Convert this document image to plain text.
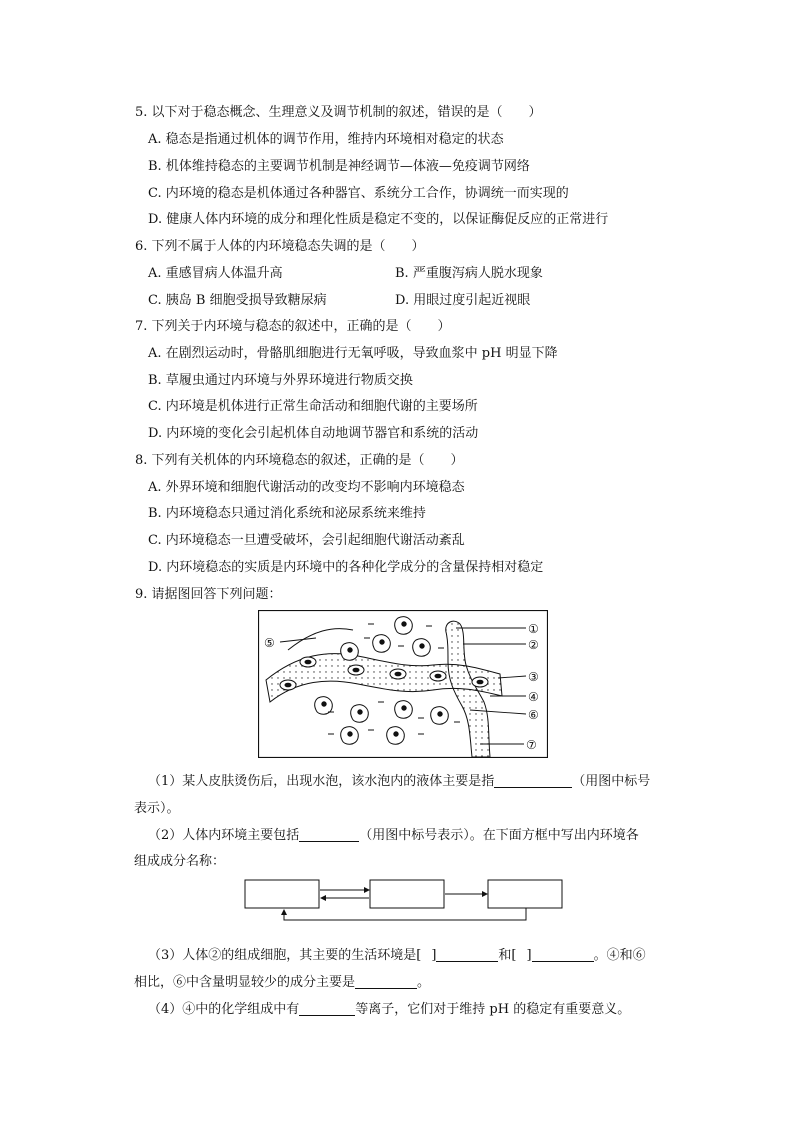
5. 以下对于稳态概念、生理意义及调节机制的叙述，错误的是（　　）
A. 稳态是指通过机体的调节作用，维持内环境相对稳定的状态
B. 机体维持稳态的主要调节机制是神经调节—体液—免疫调节网络
C. 内环境的稳态是机体通过各种器官、系统分工合作，协调统一而实现的
D. 健康人体内环境的成分和理化性质是稳定不变的，以保证酶促反应的正常进行
6. 下列不属于人体的内环境稳态失调的是（　　）
A. 重感冒病人体温升高	B. 严重腹泻病人脱水现象
C. 胰岛 B 细胞受损导致糖尿病	D. 用眼过度引起近视眼
7. 下列关于内环境与稳态的叙述中，正确的是（　　）
A. 在剧烈运动时，骨骼肌细胞进行无氧呼吸，导致血浆中 pH 明显下降
B. 草履虫通过内环境与外界环境进行物质交换
C. 内环境是机体进行正常生命活动和细胞代谢的主要场所
D. 内环境的变化会引起机体自动地调节器官和系统的活动
8. 下列有关机体的内环境稳态的叙述，正确的是（　　）
A. 外界环境和细胞代谢活动的改变均不影响内环境稳态
B. 内环境稳态只通过消化系统和泌尿系统来维持
C. 内环境稳态一旦遭受破坏，会引起细胞代谢活动紊乱
D. 内环境稳态的实质是内环境中的各种化学成分的含量保持相对稳定
9. 请据图回答下列问题：
①
②
③
④
⑤
⑥
⑦
（1）某人皮肤烫伤后，出现水泡，该水泡内的液体主要是指	（用图中标号
表示）。
（2）人体内环境主要包括	（用图中标号表示）。在下面方框中写出内环境各
组成成分名称：
（3）人体②的组成细胞，其主要的生活环境是[ ]	和[ ]	。④和⑥
相比，⑥中含量明显较少的成分主要是	。
（4）④中的化学组成中有	等离子，它们对于维持 pH 的稳定有重要意义。
